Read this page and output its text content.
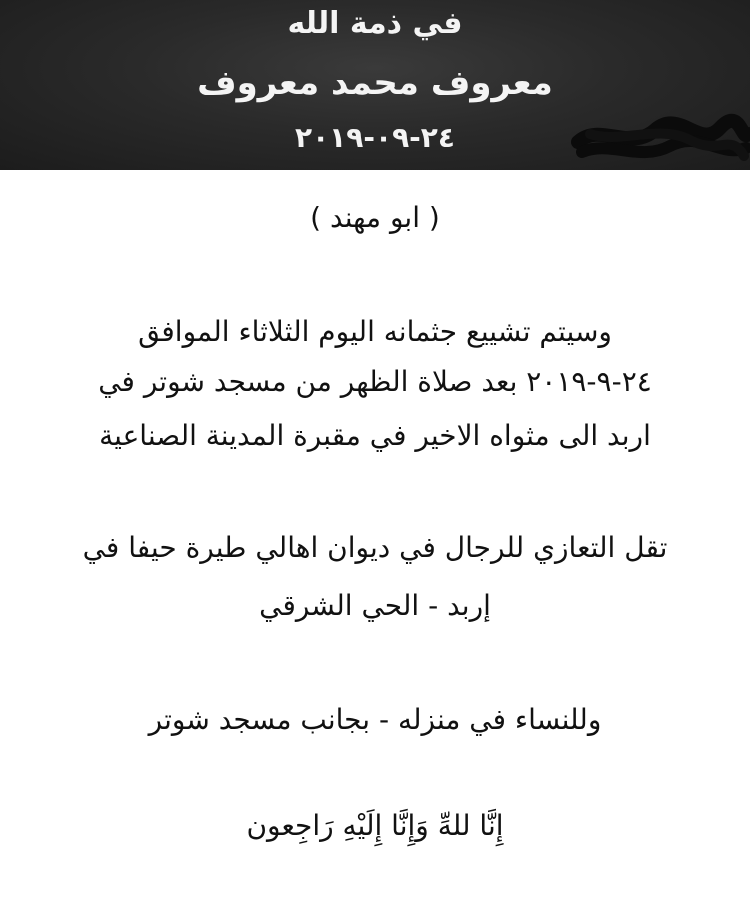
في ذمة الله
معروف محمد معروف
٢٤-٠٩-٢٠١٩
( ابو مهند )
وسيتم تشييع جثمانه اليوم الثلاثاء الموافق
٢٤-٩-٢٠١٩ بعد صلاة الظهر من مسجد شوتر في
اربد الى مثواه الاخير في مقبرة المدينة الصناعية
تقل التعازي للرجال في ديوان اهالي طيرة حيفا في
إربد - الحي الشرقي
وللنساء في منزله - بجانب مسجد شوتر
إِنَّا للهِّ وَإِنَّا إِلَيْهِ رَاجِعون
